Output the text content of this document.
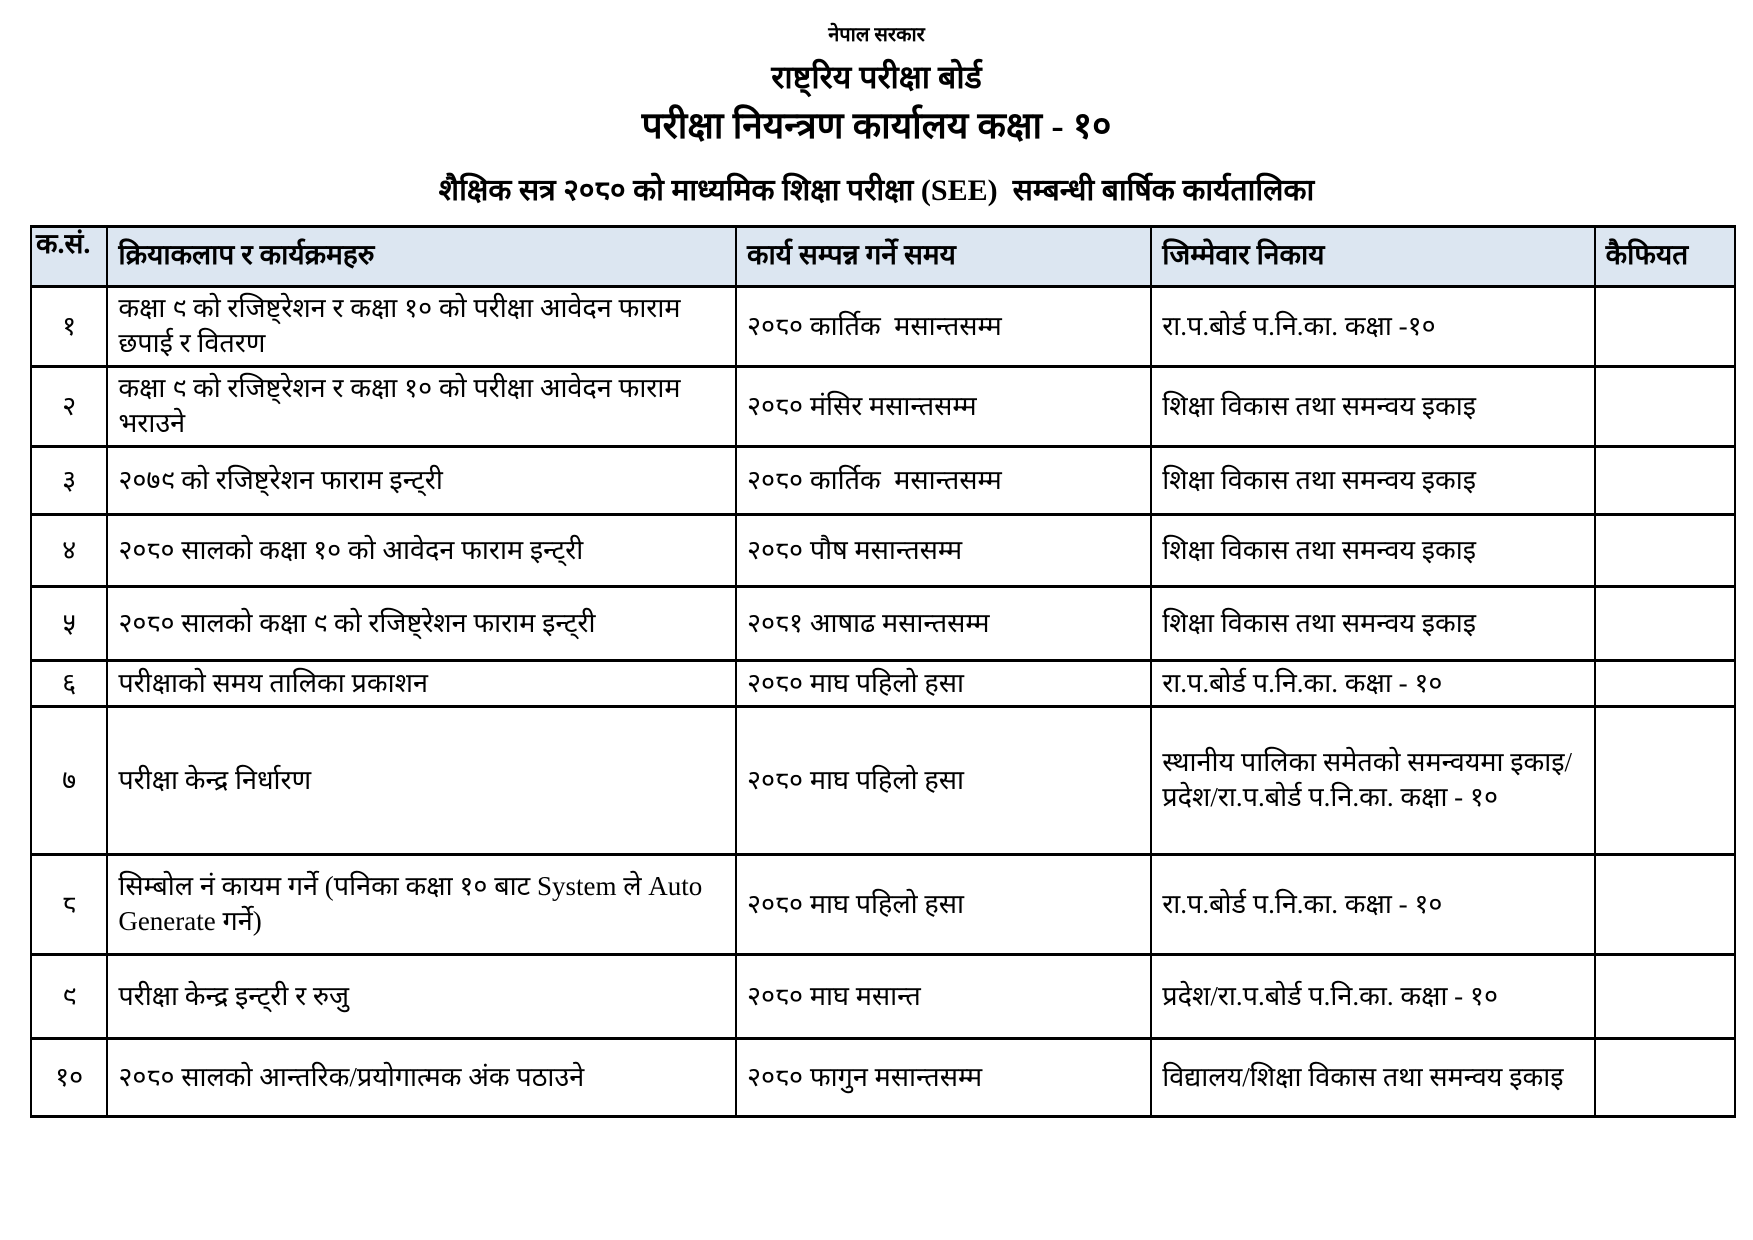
नेपाल सरकार
राष्ट्रिय परीक्षा बोर्ड
परीक्षा नियन्त्रण कार्यालय कक्षा - १०
शैक्षिक सत्र २०८० को माध्यमिक शिक्षा परीक्षा (SEE)  सम्बन्धी बार्षिक कार्यतालिका
क.सं.	क्रियाकलाप र कार्यक्रमहरु	कार्य सम्पन्न गर्ने समय	जिम्मेवार निकाय	कैफियत
१	कक्षा ९ को रजिष्ट्रेशन र कक्षा १० को परीक्षा आवेदन फाराम छपाई र वितरण	२०८० कार्तिक  मसान्तसम्म	रा.प.बोर्ड प.नि.का. कक्षा -१०	
२	कक्षा ९ को रजिष्ट्रेशन र कक्षा १० को परीक्षा आवेदन फाराम भराउने	२०८० मंसिर मसान्तसम्म	शिक्षा विकास तथा समन्वय इकाइ	
३	२०७९ को रजिष्ट्रेशन फाराम इन्ट्री	२०८० कार्तिक  मसान्तसम्म	शिक्षा विकास तथा समन्वय इकाइ	
४	२०८० सालको कक्षा १० को आवेदन फाराम इन्ट्री	२०८० पौष मसान्तसम्म	शिक्षा विकास तथा समन्वय इकाइ	
५	२०८० सालको कक्षा ९ को रजिष्ट्रेशन फाराम इन्ट्री	२०८१ आषाढ मसान्तसम्म	शिक्षा विकास तथा समन्वय इकाइ	
६	परीक्षाको समय तालिका प्रकाशन	२०८० माघ पहिलो हसा	रा.प.बोर्ड प.नि.का. कक्षा - १०	
७	परीक्षा केन्द्र निर्धारण	२०८० माघ पहिलो हसा	स्थानीय पालिका समेतको समन्वयमा इकाइ/प्रदेश/रा.प.बोर्ड प.नि.का. कक्षा - १०	
८	सिम्बोल नं कायम गर्ने (पनिका कक्षा १० बाट System ले Auto Generate गर्ने)	२०८० माघ पहिलो हसा	रा.प.बोर्ड प.नि.का. कक्षा - १०	
९	परीक्षा केन्द्र इन्ट्री र रुजु	२०८० माघ मसान्त	प्रदेश/रा.प.बोर्ड प.नि.का. कक्षा - १०	
१०	२०८० सालको आन्तरिक/प्रयोगात्मक अंक पठाउने	२०८० फागुन मसान्तसम्म	विद्यालय/शिक्षा विकास तथा समन्वय इकाइ	
